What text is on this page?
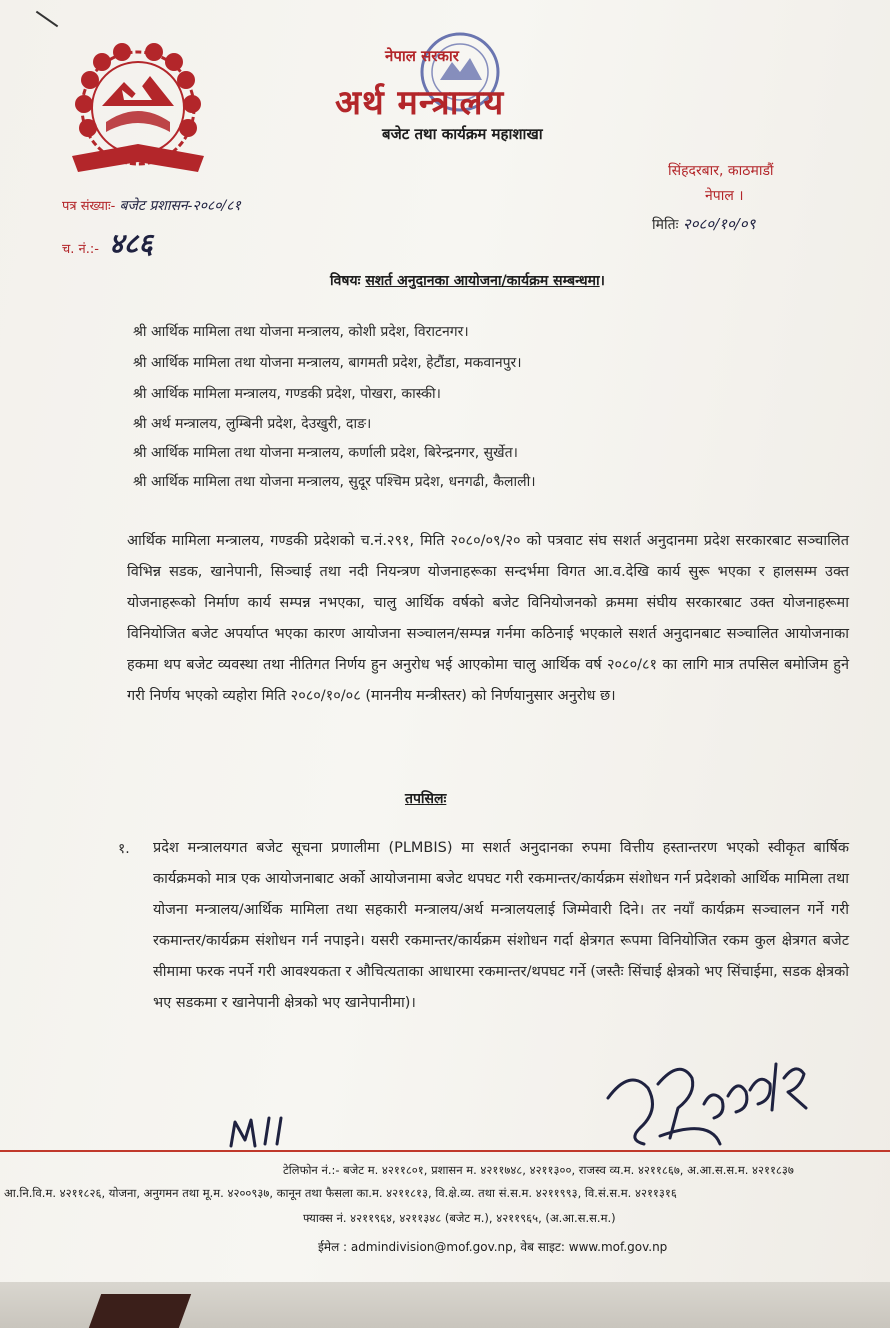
नेपाल सरकार
अर्थ मन्त्रालय
बजेट तथा कार्यक्रम महाशाखा
सिंहदरबार, काठमाडौं
नेपाल ।
पत्र संख्याः- बजेट प्रशासन-२०८०/८१
च. नं.:- ४८६
मितिः २०८०/१०/०९
विषयः सशर्त अनुदानका आयोजना/कार्यक्रम सम्बन्धमा।
श्री आर्थिक मामिला तथा योजना मन्त्रालय, कोशी प्रदेश, विराटनगर।
श्री आर्थिक मामिला तथा योजना मन्त्रालय, बागमती प्रदेश, हेटौंडा, मकवानपुर।
श्री आर्थिक मामिला मन्त्रालय, गण्डकी प्रदेश, पोखरा, कास्की।
श्री अर्थ मन्त्रालय, लुम्बिनी प्रदेश, देउखुरी, दाङ।
श्री आर्थिक मामिला तथा योजना मन्त्रालय, कर्णाली प्रदेश, बिरेन्द्रनगर, सुर्खेत।
श्री आर्थिक मामिला तथा योजना मन्त्रालय, सुदूर पश्चिम प्रदेश, धनगढी, कैलाली।
आर्थिक मामिला मन्त्रालय, गण्डकी प्रदेशको च.नं.२९१, मिति २०८०/०९/२० को पत्रवाट संघ सशर्त अनुदानमा प्रदेश सरकारबाट सञ्चालित विभिन्न सडक, खानेपानी, सिञ्चाई तथा नदी नियन्त्रण योजनाहरूका सन्दर्भमा विगत आ.व.देखि कार्य सुरू भएका र हालसम्म उक्त योजनाहरूको निर्माण कार्य सम्पन्न नभएका, चालु आर्थिक वर्षको बजेट विनियोजनको क्रममा संघीय सरकारबाट उक्त योजनाहरूमा विनियोजित बजेट अपर्याप्त भएका कारण आयोजना सञ्चालन/सम्पन्न गर्नमा कठिनाई भएकाले सशर्त अनुदानबाट सञ्चालित आयोजनाका हकमा थप बजेट व्यवस्था तथा नीतिगत निर्णय हुन अनुरोध भई आएकोमा चालु आर्थिक वर्ष २०८०/८१ का लागि मात्र तपसिल बमोजिम हुने गरी निर्णय भएको व्यहोरा मिति २०८०/१०/०८ (माननीय मन्त्रीस्तर) को निर्णयानुसार अनुरोध छ।
तपसिलः
१. प्रदेश मन्त्रालयगत बजेट सूचना प्रणालीमा (PLMBIS) मा सशर्त अनुदानका रुपमा वित्तीय हस्तान्तरण भएको स्वीकृत बार्षिक कार्यक्रमको मात्र एक आयोजनाबाट अर्को आयोजनामा बजेट थपघट गरी रकमान्तर/कार्यक्रम संशोधन गर्न प्रदेशको आर्थिक मामिला तथा योजना मन्त्रालय/आर्थिक मामिला तथा सहकारी मन्त्रालय/अर्थ मन्त्रालयलाई जिम्मेवारी दिने। तर नयाँ कार्यक्रम सञ्चालन गर्ने गरी रकमान्तर/कार्यक्रम संशोधन गर्न नपाइने। यसरी रकमान्तर/कार्यक्रम संशोधन गर्दा क्षेत्रगत रूपमा विनियोजित रकम कुल क्षेत्रगत बजेट सीमामा फरक नपर्ने गरी आवश्यकता र औचित्यताका आधारमा रकमान्तर/थपघट गर्ने (जस्तैः सिंचाई क्षेत्रको भए सिंचाईमा, सडक क्षेत्रको भए सडकमा र खानेपानी क्षेत्रको भए खानेपानीमा)।
टेलिफोन नं.:- बजेट म. ४२११८०१, प्रशासन म. ४२११७४८, ४२११३००, राजस्व व्य.म. ४२११८६७, अ.आ.स.स.म. ४२११८३७
आ.नि.वि.म. ४२११८२६, योजना, अनुगमन तथा मू.म. ४२००९३७, कानून तथा फैसला का.म. ४२११८१३, वि.क्षे.व्य. तथा सं.स.म. ४२११९९३, वि.सं.स.म. ४२११३१६
फ्याक्स नं. ४२११९६४, ४२११३४८ (बजेट म.), ४२११९६५, (अ.आ.स.स.म.)
ईमेल : admindivision@mof.gov.np, वेब साइट: www.mof.gov.np
